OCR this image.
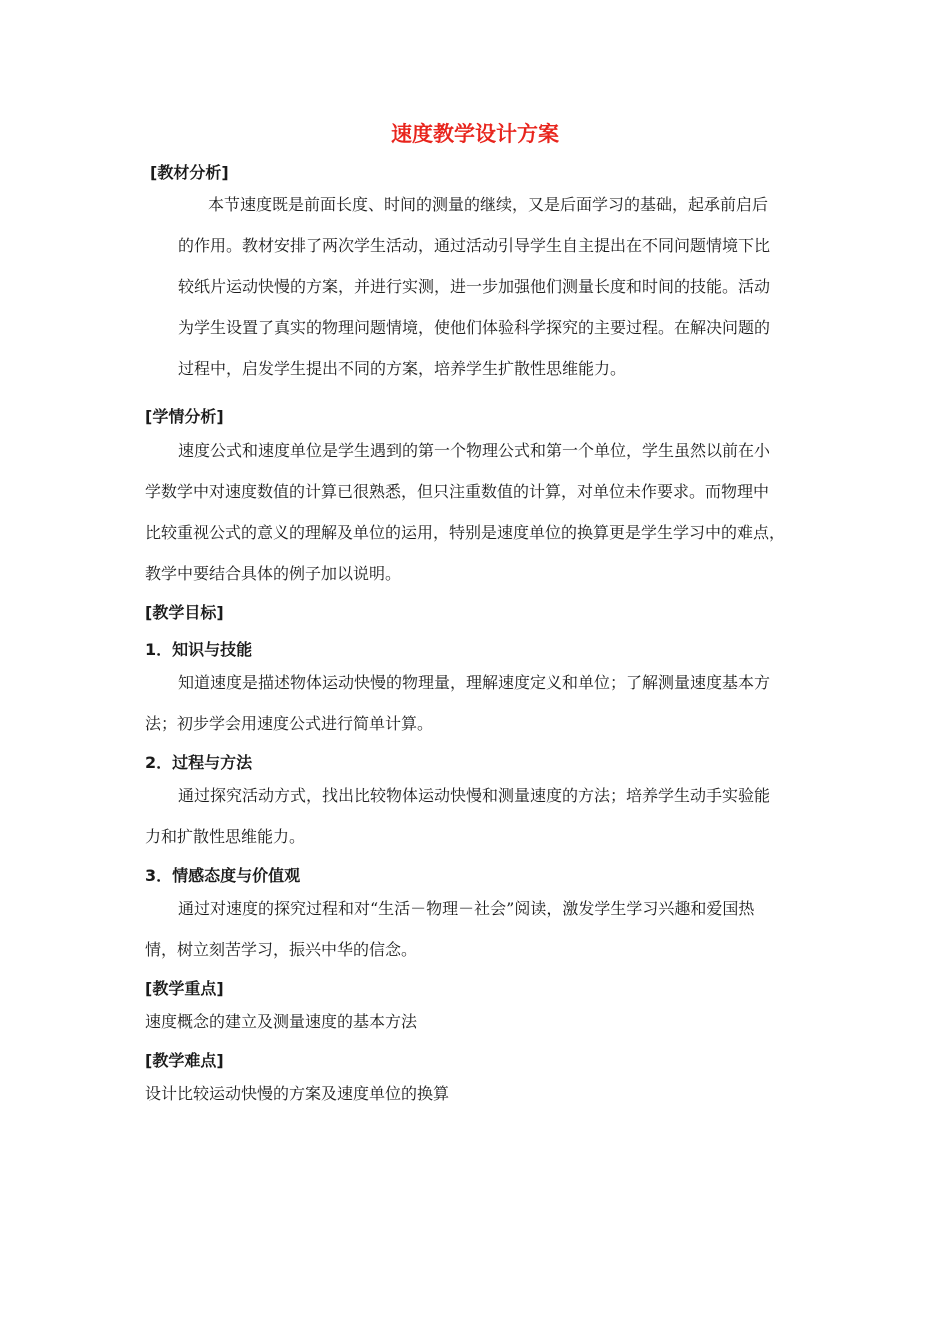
速度教学设计方案
[教材分析]
本节速度既是前面长度、时间的测量的继续，又是后面学习的基础，起承前启后
的作用。教材安排了两次学生活动，通过活动引导学生自主提出在不同问题情境下比
较纸片运动快慢的方案，并进行实测，进一步加强他们测量长度和时间的技能。活动
为学生设置了真实的物理问题情境，使他们体验科学探究的主要过程。在解决问题的
过程中，启发学生提出不同的方案，培养学生扩散性思维能力。
[学情分析]
速度公式和速度单位是学生遇到的第一个物理公式和第一个单位，学生虽然以前在小
学数学中对速度数值的计算已很熟悉，但只注重数值的计算，对单位未作要求。而物理中
比较重视公式的意义的理解及单位的运用，特别是速度单位的换算更是学生学习中的难点，
教学中要结合具体的例子加以说明。
[教学目标]
1．知识与技能
知道速度是描述物体运动快慢的物理量，理解速度定义和单位；了解测量速度基本方
法；初步学会用速度公式进行简单计算。
2．过程与方法
通过探究活动方式，找出比较物体运动快慢和测量速度的方法；培养学生动手实验能
力和扩散性思维能力。
3．情感态度与价值观
通过对速度的探究过程和对“生活－物理－社会”阅读，激发学生学习兴趣和爱国热
情，树立刻苦学习，振兴中华的信念。
[教学重点]
速度概念的建立及测量速度的基本方法
[教学难点]
设计比较运动快慢的方案及速度单位的换算
